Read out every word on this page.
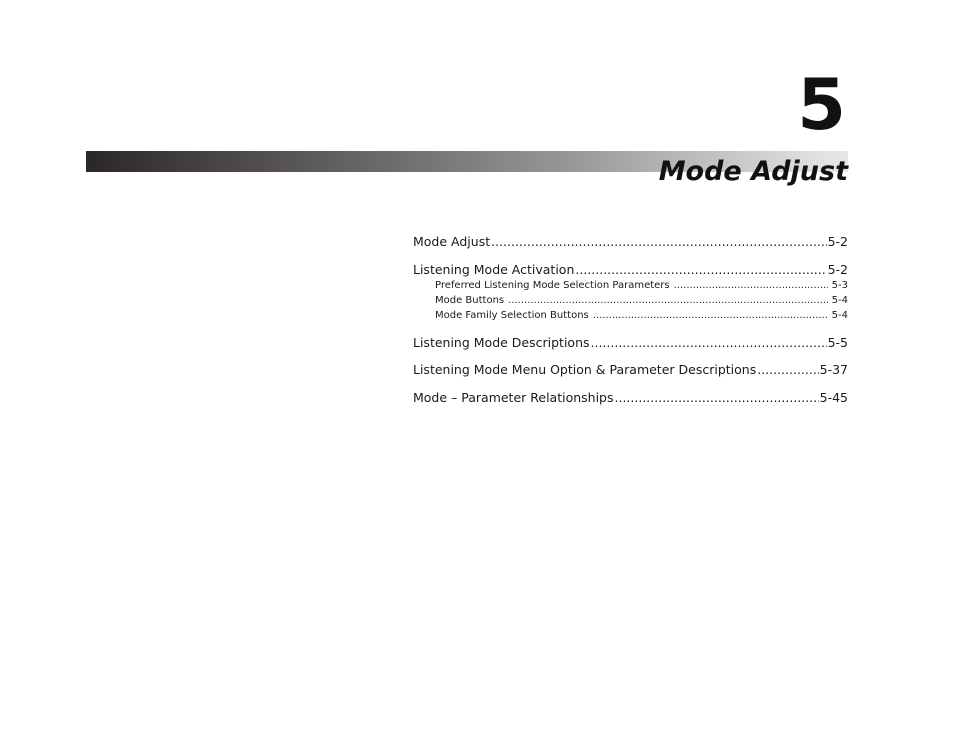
5
Mode Adjust
Mode Adjust .....	5-2
Listening Mode Activation .....	5-2
Preferred Listening Mode Selection Parameters .....	5-3
Mode Buttons .....	5-4
Mode Family Selection Buttons .....	5-4
Listening Mode Descriptions .....	5-5
Listening Mode Menu Option & Parameter Descriptions .....	5-37
Mode – Parameter Relationships .....	5-45
